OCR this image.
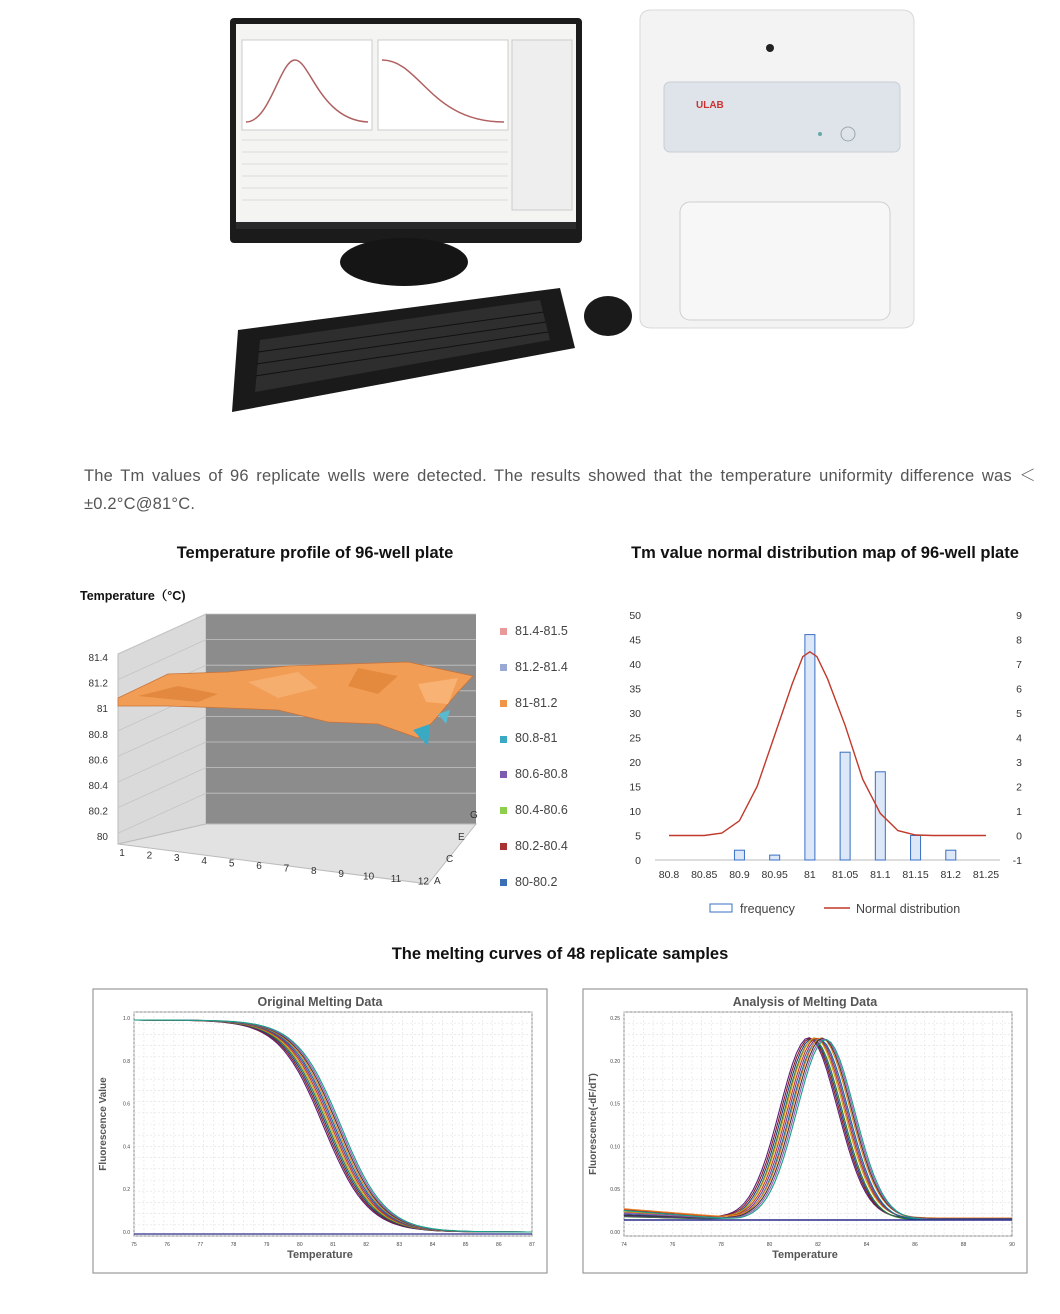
ULAB
The Tm values of 96 replicate wells were detected. The results showed that the temperature uniformity difference was ＜±0.2°C@81°C.
Temperature profile of 96-well plate	Tm value normal distribution map of 96-well plate
The melting curves of 48 replicate samples
Temperature（°C)
81.4
81.2
81
80.8
80.6
80.4
80.2
80
1 2 3 4 5 6 7 8 9 10 11 12
G
E
C
A
81.4-81.5
81.2-81.4
81-81.2
80.8-81
80.6-80.8
80.4-80.6
80.2-80.4
80-80.2
0
5
10
15
20
25
30
35
40
45
50
-1
0
1
2
3
4
5
6
7
8
9
80.8 80.85 80.9 80.95 81 81.05 81.1 81.15 81.2 81.25
frequency	Normal distribution
Original Melting Data
1.0
0.8
0.6
0.4
0.2
0.0
75	76	77	78	79	80	81	82	83	84	85	86	87
Temperature
Fluorescence Value
Analysis of Melting Data
0.25
0.20
0.15
0.10
0.05
0.00
74	76	78	80	82	84	86	88	90
Temperature
Fluorescence(-dF/dT)
